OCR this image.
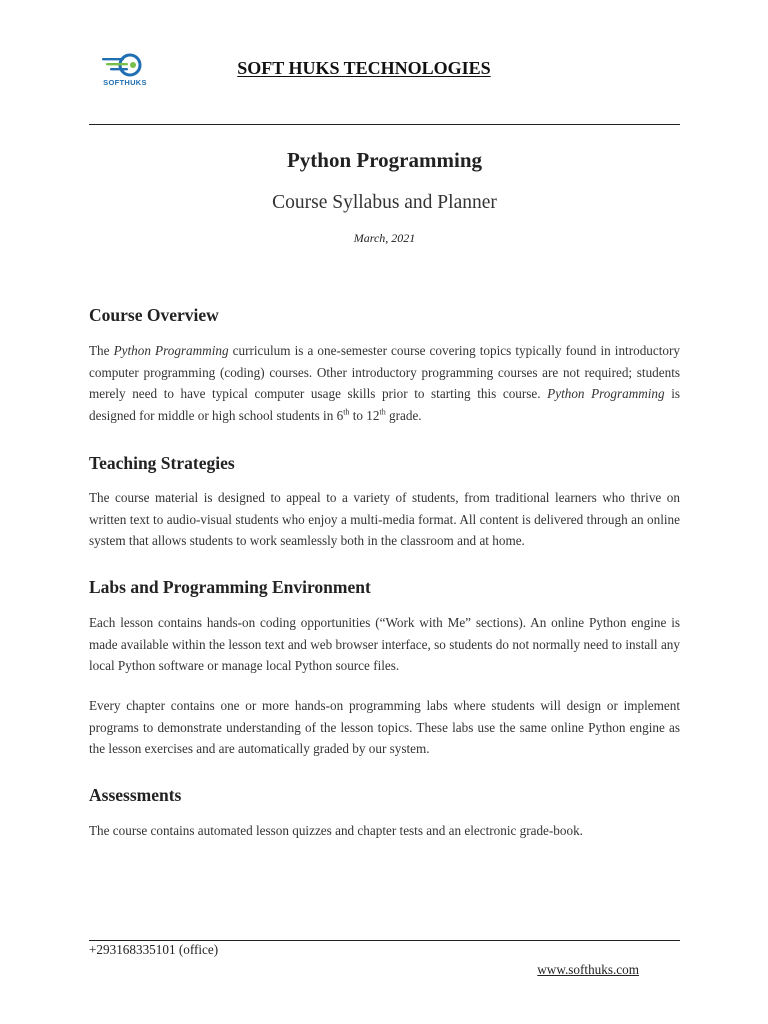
SOFTHUKS
SOFT HUKS TECHNOLOGIES
Python Programming
Course Syllabus and Planner
March, 2021
Course Overview

The Python Programming curriculum is a one-semester course covering topics typically found in introductory computer programming (coding) courses. Other introductory programming courses are not required; students merely need to have typical computer usage skills prior to starting this course. Python Programming is designed for middle or high school students in 6th to 12th grade.

Teaching Strategies

The course material is designed to appeal to a variety of students, from traditional learners who thrive on written text to audio-visual students who enjoy a multi-media format. All content is delivered through an online system that allows students to work seamlessly both in the classroom and at home.

Labs and Programming Environment

Each lesson contains hands-on coding opportunities (“Work with Me” sections). An online Python engine is made available within the lesson text and web browser interface, so students do not normally need to install any local Python software or manage local Python source files.

Every chapter contains one or more hands-on programming labs where students will design or implement programs to demonstrate understanding of the lesson topics. These labs use the same online Python engine as the lesson exercises and are automatically graded by our system.

Assessments

The course contains automated lesson quizzes and chapter tests and an electronic grade-book.

+293168335101 (office)
www.softhuks.com
